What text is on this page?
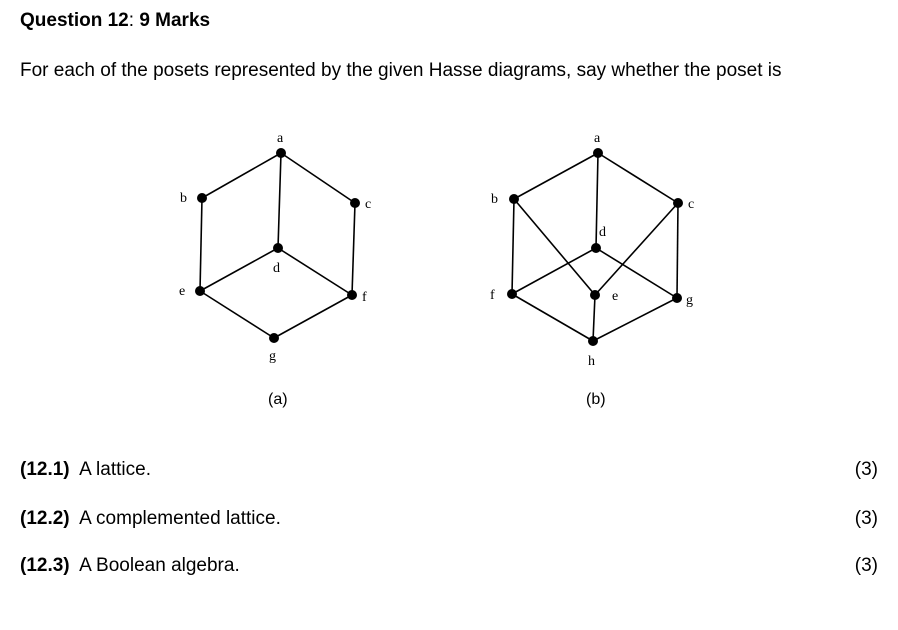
Question 12: 9 Marks
For each of the posets represented by the given Hasse diagrams, say whether the poset is
a
b	c
d
e	f
g
(a)
a
b	c
d
e
f	g
h
(b)
(12.1) A lattice.	(3)
(12.2) A complemented lattice.	(3)
(12.3) A Boolean algebra.	(3)
